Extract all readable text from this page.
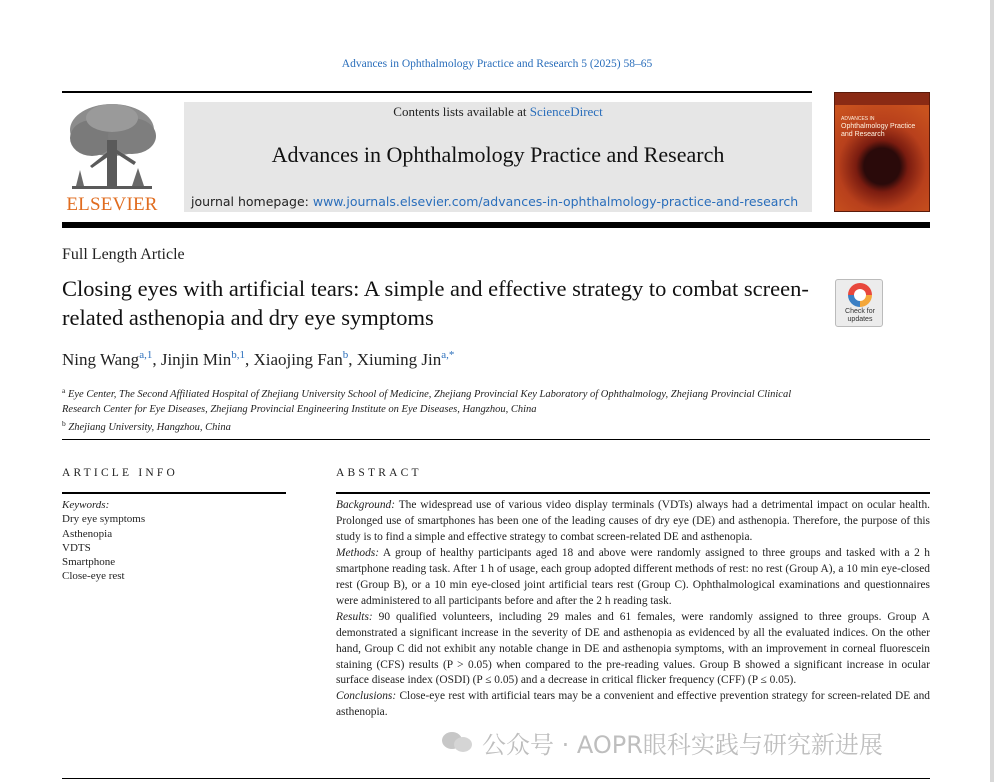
Advances in Ophthalmology Practice and Research 5 (2025) 58–65
ELSEVIER
Contents lists available at ScienceDirect
Advances in Ophthalmology Practice and Research
journal homepage: www.journals.elsevier.com/advances-in-ophthalmology-practice-and-research
ADVANCES IN
Ophthalmology Practice and Research
Full Length Article
Closing eyes with artificial tears: A simple and effective strategy to combat screen-related asthenopia and dry eye symptoms	Check for updates
Ning Wang$^{a,1}$, Jinjin Min$^{b,1}$, Xiaojing Fan$^b$, Xiuming Jin$^{a,*}$
$^a$ Eye Center, The Second Affiliated Hospital of Zhejiang University School of Medicine, Zhejiang Provincial Key Laboratory of Ophthalmology, Zhejiang Provincial Clinical Research Center for Eye Diseases, Zhejiang Provincial Engineering Institute on Eye Diseases, Hangzhou, China
$^b$ Zhejiang University, Hangzhou, China
ARTICLE INFO
Keywords:
Dry eye symptoms
Asthenopia
VDTS
Smartphone
Close-eye rest
ABSTRACT

Background: The widespread use of various video display terminals (VDTs) always had a detrimental impact on ocular health. Prolonged use of smartphones has been one of the leading causes of dry eye (DE) and asthenopia. Therefore, the purpose of this study is to find a simple and effective strategy to combat screen-related DE and asthenopia.

Methods: A group of healthy participants aged 18 and above were randomly assigned to three groups and tasked with a 2 h smartphone reading task. After 1 h of usage, each group adopted different methods of rest: no rest (Group A), a 10 min eye-closed rest (Group B), or a 10 min eye-closed joint artificial tears rest (Group C). Ophthalmological examinations and questionnaires were administered to all participants before and after the 2 h reading task.

Results: 90 qualified volunteers, including 29 males and 61 females, were randomly assigned to three groups. Group A demonstrated a significant increase in the severity of DE and asthenopia as evidenced by all the evaluated indices. On the other hand, Group C did not exhibit any notable change in DE and asthenopia symptoms, with an improvement in corneal fluorescein staining (CFS) results (P > 0.05) when compared to the pre-reading values. Group B showed a significant increase in ocular surface disease index (OSDI) (P ≤ 0.05) and a decrease in critical flicker frequency (CFF) (P ≤ 0.05).

Conclusions: Close-eye rest with artificial tears may be a convenient and effective prevention strategy for screen-related DE and asthenopia.

公众号 · AOPR眼科实践与研究新进展
